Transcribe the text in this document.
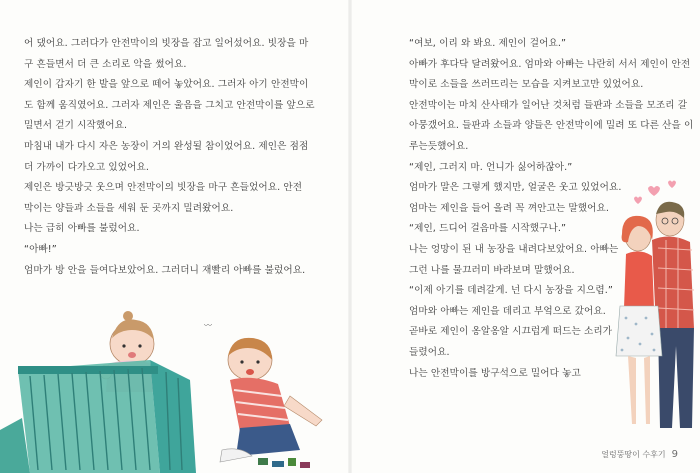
어 댔어요. 그러다가 안전막이의 빗장을 잡고 일어섰어요. 빗장을 마
구 흔들면서 더 큰 소리로 악을 썼어요.
제인이 갑자기 한 발을 앞으로 떼어 놓았어요. 그러자 아기 안전막이
도 함께 움직였어요. 그러자 제인은 울음을 그치고 안전막이를 앞으로
밀면서 걷기 시작했어요.
마침내 내가 다시 자은 농장이 거의 완성될 참이었어요. 제인은 점점
더 가까이 다가오고 있었어요.
제인은 방긋방긋 웃으며 안전막이의 빗장을 마구 흔들었어요. 안전
막이는 양들과 소들을 세워 둔 곳까지 밀려왔어요.
나는 급히 아빠를 불렀어요.
“아빠!”
엄마가 방 안을 들여다보았어요. 그러더니 재빨리 아빠를 불렀어요.
〰
“여보, 이리 와 봐요. 제인이 걸어요.”
아빠가 후다닥 달려왔어요. 엄마와 아빠는 나란히 서서 제인이 안전
막이로 소들을 쓰러뜨리는 모습을 지켜보고만 있었어요.
안전막이는 마치 산사태가 일어난 것처럼 들판과 소들을 모조리 갈
아뭉갰어요. 들판과 소들과 양들은 안전막이에 밀려 또 다른 산을 이
루는듯했어요.
“제인, 그러지 마. 언니가 싫어하잖아.”
엄마가 말은 그렇게 했지만, 얼굴은 웃고 있었어요.
엄마는 제인을 들어 올려 꼭 껴안고는 말했어요.
“제인, 드디어 걸음마를 시작했구나.”
나는 엉망이 된 내 농장을 내려다보았어요. 아빠는
그런 나를 물끄러미 바라보며 말했어요.
“이제 아기를 데려갈게. 넌 다시 농장을 지으렴.”
엄마와 아빠는 제인을 데리고 부엌으로 갔어요.
곧바로 제인이 옹알옹알 시끄럽게 떠드는 소리가
들렸어요.
나는 안전막이를 방구석으로 밀어다 놓고
얼렁뚱땅이 수후기 9
